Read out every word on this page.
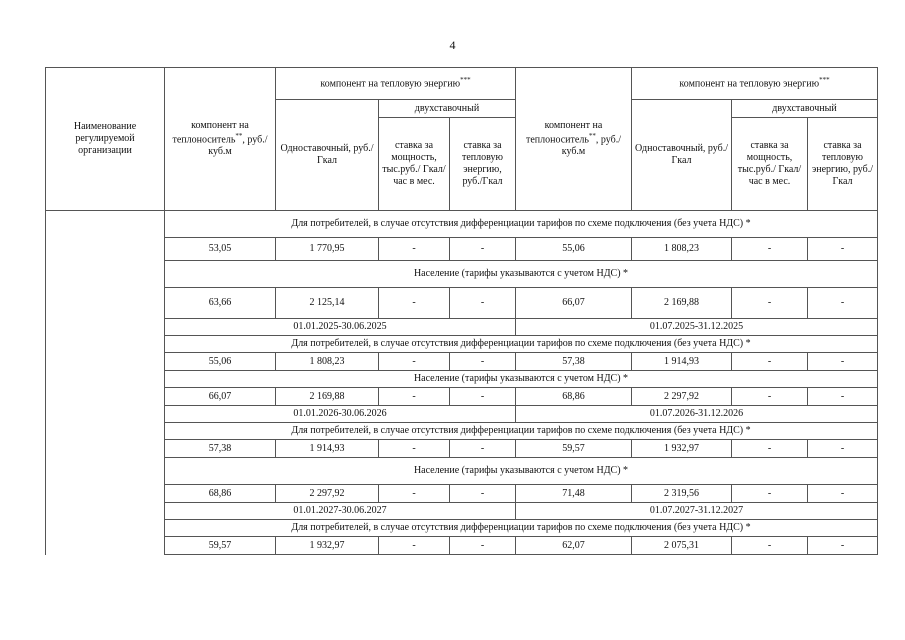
4
Наименование регулируемой организации	компонент на теплоноситель**, руб./куб.м	компонент на тепловую энергию***			компонент на теплоноситель**, руб./куб.м	компонент на тепловую энергию***
		Одноставочный, руб./Гкал	двухставочный			Одноставочный, руб./Гкал	двухставочный	
			ставка за мощность, тыс.руб./ Гкал/час в мес.	ставка за тепловую энергию, руб./Гкал			ставка за мощность, тыс.руб./ Гкал/час в мес.	ставка за тепловую энергию, руб./Гкал
	Для потребителей, в случае отсутствия дифференциации тарифов по схеме подключения (без учета НДС) *							
	53,05	1 770,95	-	-	55,06	1 808,23	-	-
	Население (тарифы указываются с учетом НДС) *							
	63,66	2 125,14	-	-	66,07	2 169,88	-	-
	01.01.2025-30.06.2025				01.07.2025-31.12.2025			
	Для потребителей, в случае отсутствия дифференциации тарифов по схеме подключения (без учета НДС) *							
	55,06	1 808,23	-	-	57,38	1 914,93	-	-
	Население (тарифы указываются с учетом НДС) *							
	66,07	2 169,88	-	-	68,86	2 297,92	-	-
	01.01.2026-30.06.2026				01.07.2026-31.12.2026			
	Для потребителей, в случае отсутствия дифференциации тарифов по схеме подключения (без учета НДС) *							
	57,38	1 914,93	-	-	59,57	1 932,97	-	-
	Население (тарифы указываются с учетом НДС) *							
	68,86	2 297,92	-	-	71,48	2 319,56	-	-
	01.01.2027-30.06.2027				01.07.2027-31.12.2027			
	Для потребителей, в случае отсутствия дифференциации тарифов по схеме подключения (без учета НДС) *							
	59,57	1 932,97	-	-	62,07	2 075,31	-	-
